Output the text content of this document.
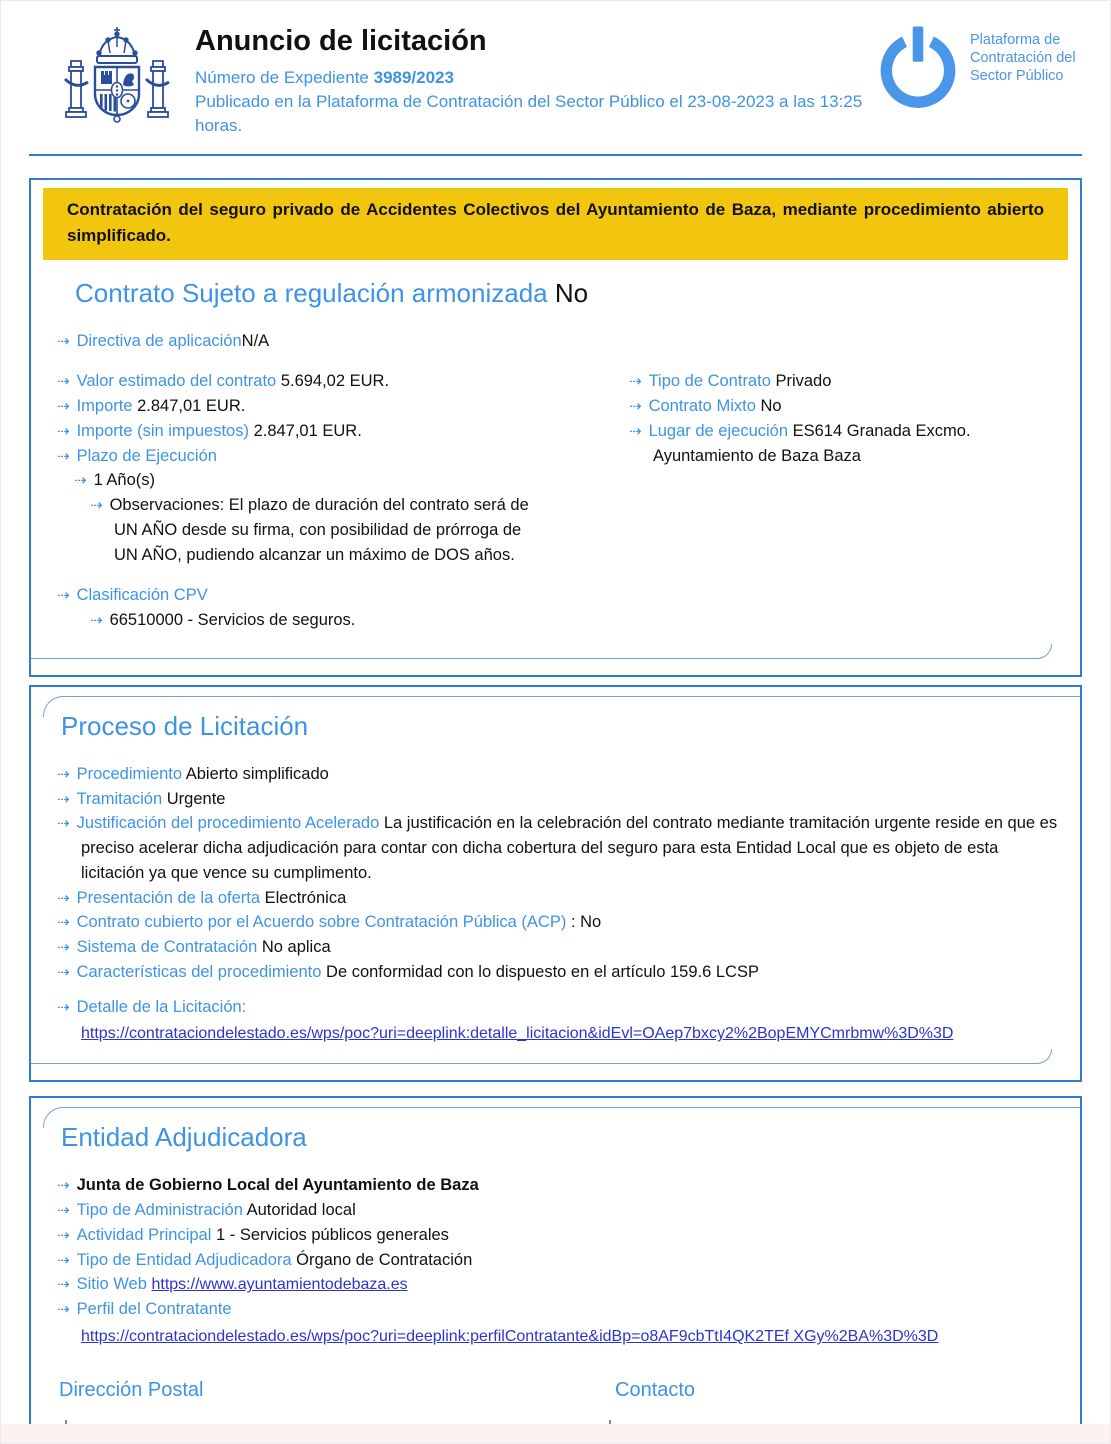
Anuncio de licitación
Número de Expediente 3989/2023
Publicado en la Plataforma de Contratación del Sector Público el 23-08-2023 a las 13:25 horas.
Plataforma de Contratación del Sector Público
Contratación del seguro privado de Accidentes Colectivos del Ayuntamiento de Baza, mediante procedimiento abierto simplificado.
Contrato Sujeto a regulación armonizada No
⇢ Directiva de aplicaciónN/A
⇢ Valor estimado del contrato 5.694,02 EUR.
⇢ Importe 2.847,01 EUR.
⇢ Importe (sin impuestos) 2.847,01 EUR.
⇢ Plazo de Ejecución
⇢ 1 Año(s)
⇢ Observaciones: El plazo de duración del contrato será de UN AÑO desde su firma, con posibilidad de prórroga de UN AÑO, pudiendo alcanzar un máximo de DOS años.
⇢ Clasificación CPV
⇢ 66510000 - Servicios de seguros.
⇢ Tipo de Contrato Privado
⇢ Contrato Mixto No
⇢ Lugar de ejecución ES614 Granada Excmo. Ayuntamiento de Baza Baza
Proceso de Licitación
⇢ Procedimiento Abierto simplificado
⇢ Tramitación Urgente
⇢ Justificación del procedimiento Acelerado La justificación en la celebración del contrato mediante tramitación urgente reside en que es preciso acelerar dicha adjudicación para contar con dicha cobertura del seguro para esta Entidad Local que es objeto de esta licitación ya que vence su cumplimento.
⇢ Presentación de la oferta Electrónica
⇢ Contrato cubierto por el Acuerdo sobre Contratación Pública (ACP) : No
⇢ Sistema de Contratación No aplica
⇢ Características del procedimiento De conformidad con lo dispuesto en el artículo 159.6 LCSP
⇢ Detalle de la Licitación:
https://contrataciondelestado.es/wps/poc?uri=deeplink:detalle_licitacion&idEvl=OAep7bxcy2%2BopEMYCmrbmw%3D%3D
Entidad Adjudicadora
⇢ Junta de Gobierno Local del Ayuntamiento de Baza
⇢ Tipo de Administración Autoridad local
⇢ Actividad Principal 1 - Servicios públicos generales
⇢ Tipo de Entidad Adjudicadora Órgano de Contratación
⇢ Sitio Web https://www.ayuntamientodebaza.es
⇢ Perfil del Contratante
https://contrataciondelestado.es/wps/poc?uri=deeplink:perfilContratante&idBp=o8AF9cbTtI4QK2TEf XGy%2BA%3D%3D
Dirección Postal	Contacto
